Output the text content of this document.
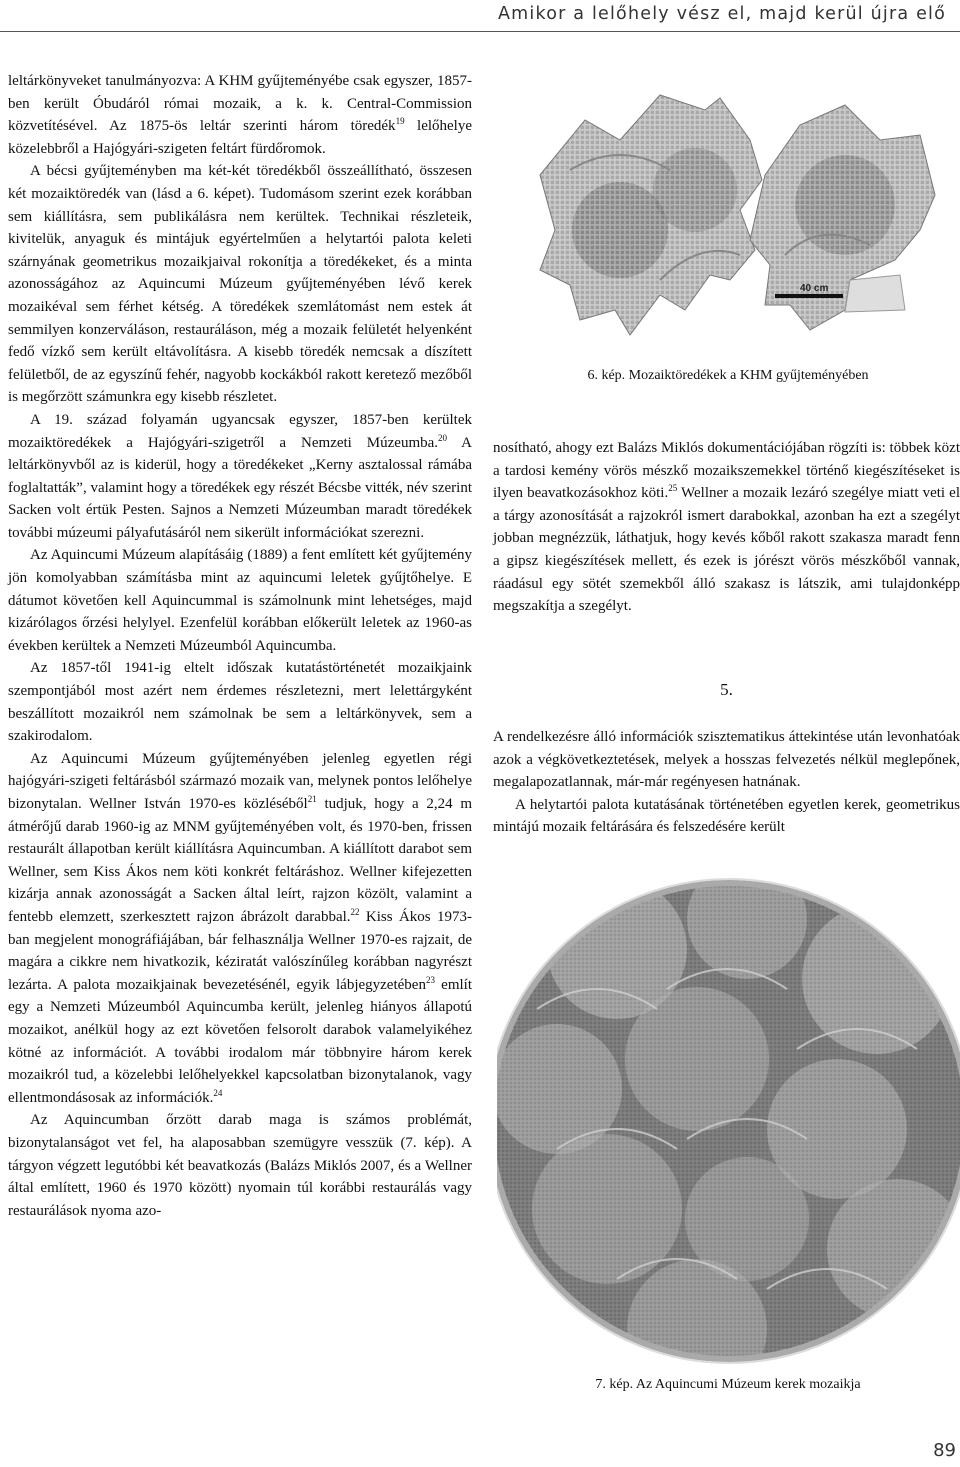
Amikor a lelőhely vész el, majd kerül újra elő

leltárkönyveket tanulmányozva: A KHM gyűjteményébe csak egyszer, 1857-ben került Óbudáról római mozaik, a k. k. Central-Commission közvetítésével. Az 1875-ös leltár szerinti három töredék$^{19}$ lelőhelye közelebbről a Hajógyári-szigeten feltárt fürdőromok.

A bécsi gyűjteményben ma két-két töredékből összeállítható, összesen két mozaiktöredék van (lásd a 6. képet). Tudomásom szerint ezek korábban sem kiállításra, sem publikálásra nem kerültek. Technikai részleteik, kivitelük, anyaguk és mintájuk egyértelműen a helytartói palota keleti szárnyának geometrikus mozaikjaival rokonítja a töredékeket, és a minta azonosságához az Aquincumi Múzeum gyűjteményében lévő kerek mozaikéval sem férhet kétség. A töredékek szemlátomást nem estek át semmilyen konzerváláson, restauráláson, még a mozaik felületét helyenként fedő vízkő sem került eltávolításra. A kisebb töredék nemcsak a díszített felületből, de az egyszínű fehér, nagyobb kockákból rakott keretező mezőből is megőrzött számunkra egy kisebb részletet.

A 19. század folyamán ugyancsak egyszer, 1857-ben kerültek mozaiktöredékek a Hajógyári-szigetről a Nemzeti Múzeumba.$^{20}$ A leltárkönyvből az is kiderül, hogy a töredékeket „Kerny asztalossal rámába foglaltatták”, valamint hogy a töredékek egy részét Bécsbe vitték, név szerint Sacken volt értük Pesten. Sajnos a Nemzeti Múzeumban maradt töredékek további múzeumi pályafutásáról nem sikerült információkat szerezni.

Az Aquincumi Múzeum alapításáig (1889) a fent említett két gyűjtemény jön komolyabban számításba mint az aquincumi leletek gyűjtőhelye. E dátumot követően kell Aquincummal is számolnunk mint lehetséges, majd kizárólagos őrzési helylyel. Ezenfelül korábban előkerült leletek az 1960-as években kerültek a Nemzeti Múzeumból Aquincumba.

Az 1857-től 1941-ig eltelt időszak kutatástörténetét mozaikjaink szempontjából most azért nem érdemes részletezni, mert lelettárgyként beszállított mozaikról nem számolnak be sem a leltárkönyvek, sem a szakirodalom.

Az Aquincumi Múzeum gyűjteményében jelenleg egyetlen régi hajógyári-szigeti feltárásból származó mozaik van, melynek pontos lelőhelye bizonytalan. Wellner István 1970-es közléséből$^{21}$ tudjuk, hogy a 2,24 m átmérőjű darab 1960-ig az MNM gyűjteményében volt, és 1970-ben, frissen restaurált állapotban került kiállításra Aquincumban. A kiállított darabot sem Wellner, sem Kiss Ákos nem köti konkrét feltáráshoz. Wellner kifejezetten kizárja annak azonosságát a Sacken által leírt, rajzon közölt, valamint a fentebb elemzett, szerkesztett rajzon ábrázolt darabbal.$^{22}$ Kiss Ákos 1973-ban megjelent monográfiájában, bár felhasználja Wellner 1970-es rajzait, de magára a cikkre nem hivatkozik, kéziratát valószínűleg korábban nagyrészt lezárta. A palota mozaikjainak bevezetésénél, egyik lábjegyzetében$^{23}$ említ egy a Nemzeti Múzeumból Aquincumba került, jelenleg hiányos állapotú mozaikot, anélkül hogy az ezt követően felsorolt darabok valamelyikéhez kötné az információt. A további irodalom már többnyire három kerek mozaikról tud, a közelebbi lelőhelyekkel kapcsolatban bizonytalanok, vagy ellentmondásosak az információk.$^{24}$

Az Aquincumban őrzött darab maga is számos problémát, bizonytalanságot vet fel, ha alaposabban szemügyre vesszük (7. kép). A tárgyon végzett legutóbbi két beavatkozás (Balázs Miklós 2007, és a Wellner által említett, 1960 és 1970 között) nyomain túl korábbi restaurálás vagy restaurálások nyoma azo-

40 cm
6. kép. Mozaiktöredékek a KHM gyűjteményében

nosítható, ahogy ezt Balázs Miklós dokumentációjában rögzíti is: többek közt a tardosi kemény vörös mészkő mozaikszemekkel történő kiegészítéseket is ilyen beavatkozásokhoz köti.$^{25}$ Wellner a mozaik lezáró szegélye miatt veti el a tárgy azonosítását a rajzokról ismert darabokkal, azonban ha ezt a szegélyt jobban megnézzük, láthatjuk, hogy kevés kőből rakott szakasza maradt fenn a gipsz kiegészítések mellett, és ezek is jórészt vörös mészkőből vannak, ráadásul egy sötét szemekből álló szakasz is látszik, ami tulajdonképp megszakítja a szegélyt.

5.

A rendelkezésre álló információk szisztematikus áttekintése után levonhatóak azok a végkövetkeztetések, melyek a hosszas felvezetés nélkül meglepőnek, megalapozatlannak, már-már regényesen hatnának.

A helytartói palota kutatásának történetében egyetlen kerek, geometrikus mintájú mozaik feltárására és felszedésére került

7. kép. Az Aquincumi Múzeum kerek mozaikja
89
